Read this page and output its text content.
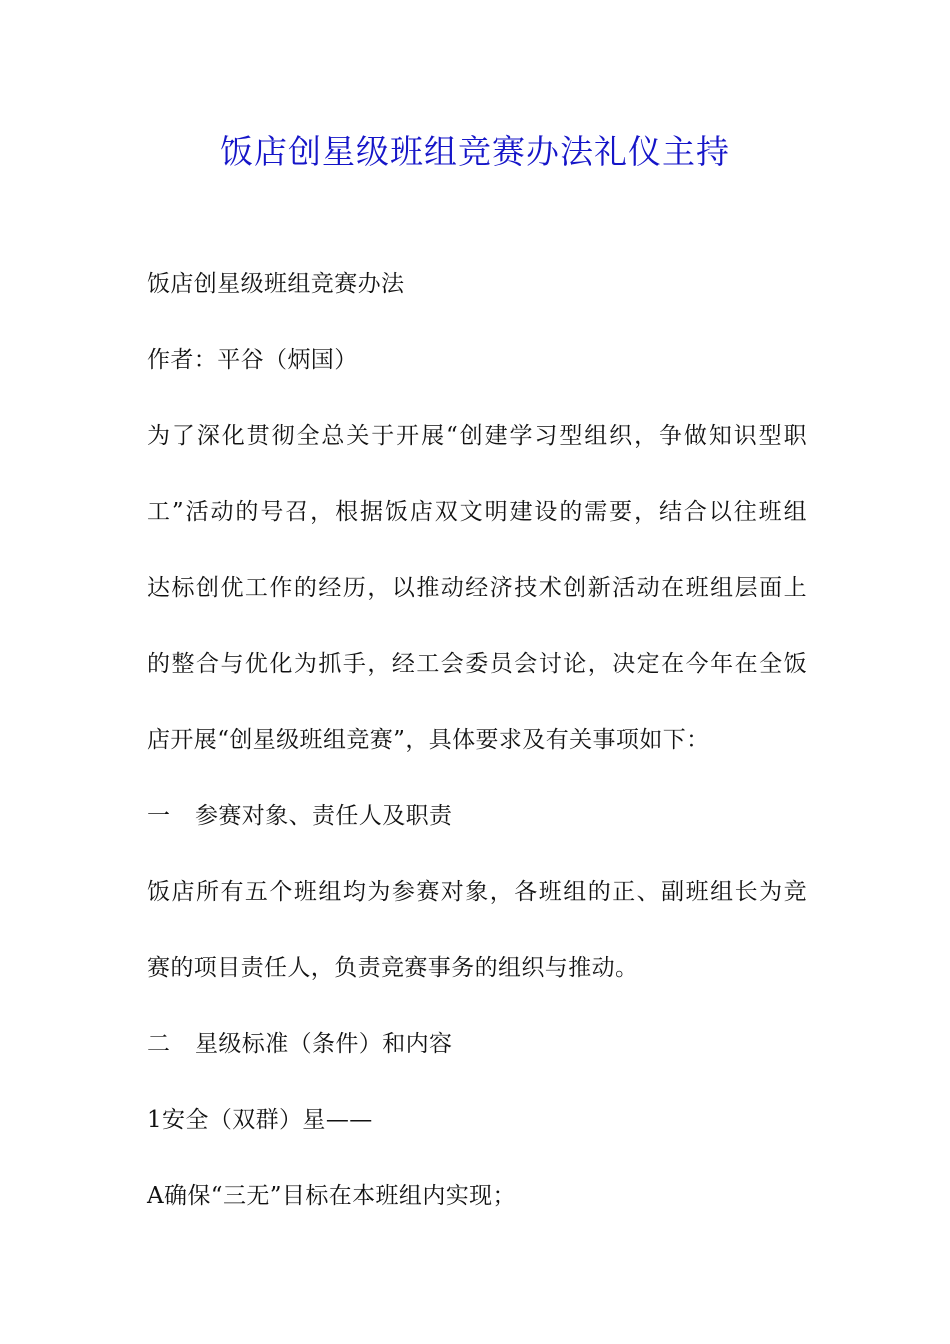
饭店创星级班组竞赛办法礼仪主持
饭店创星级班组竞赛办法
作者：平谷（炳国）
为了深化贯彻全总关于开展“创建学习型组织，争做知识型职
工”活动的号召，根据饭店双文明建设的需要，结合以往班组
达标创优工作的经历，以推动经济技术创新活动在班组层面上
的整合与优化为抓手，经工会委员会讨论，决定在今年在全饭
店开展“创星级班组竞赛”，具体要求及有关事项如下：
一 参赛对象、责任人及职责
饭店所有五个班组均为参赛对象，各班组的正、副班组长为竞
赛的项目责任人，负责竞赛事务的组织与推动。
二 星级标准（条件）和内容
1安全（双群）星——
A确保“三无”目标在本班组内实现；
